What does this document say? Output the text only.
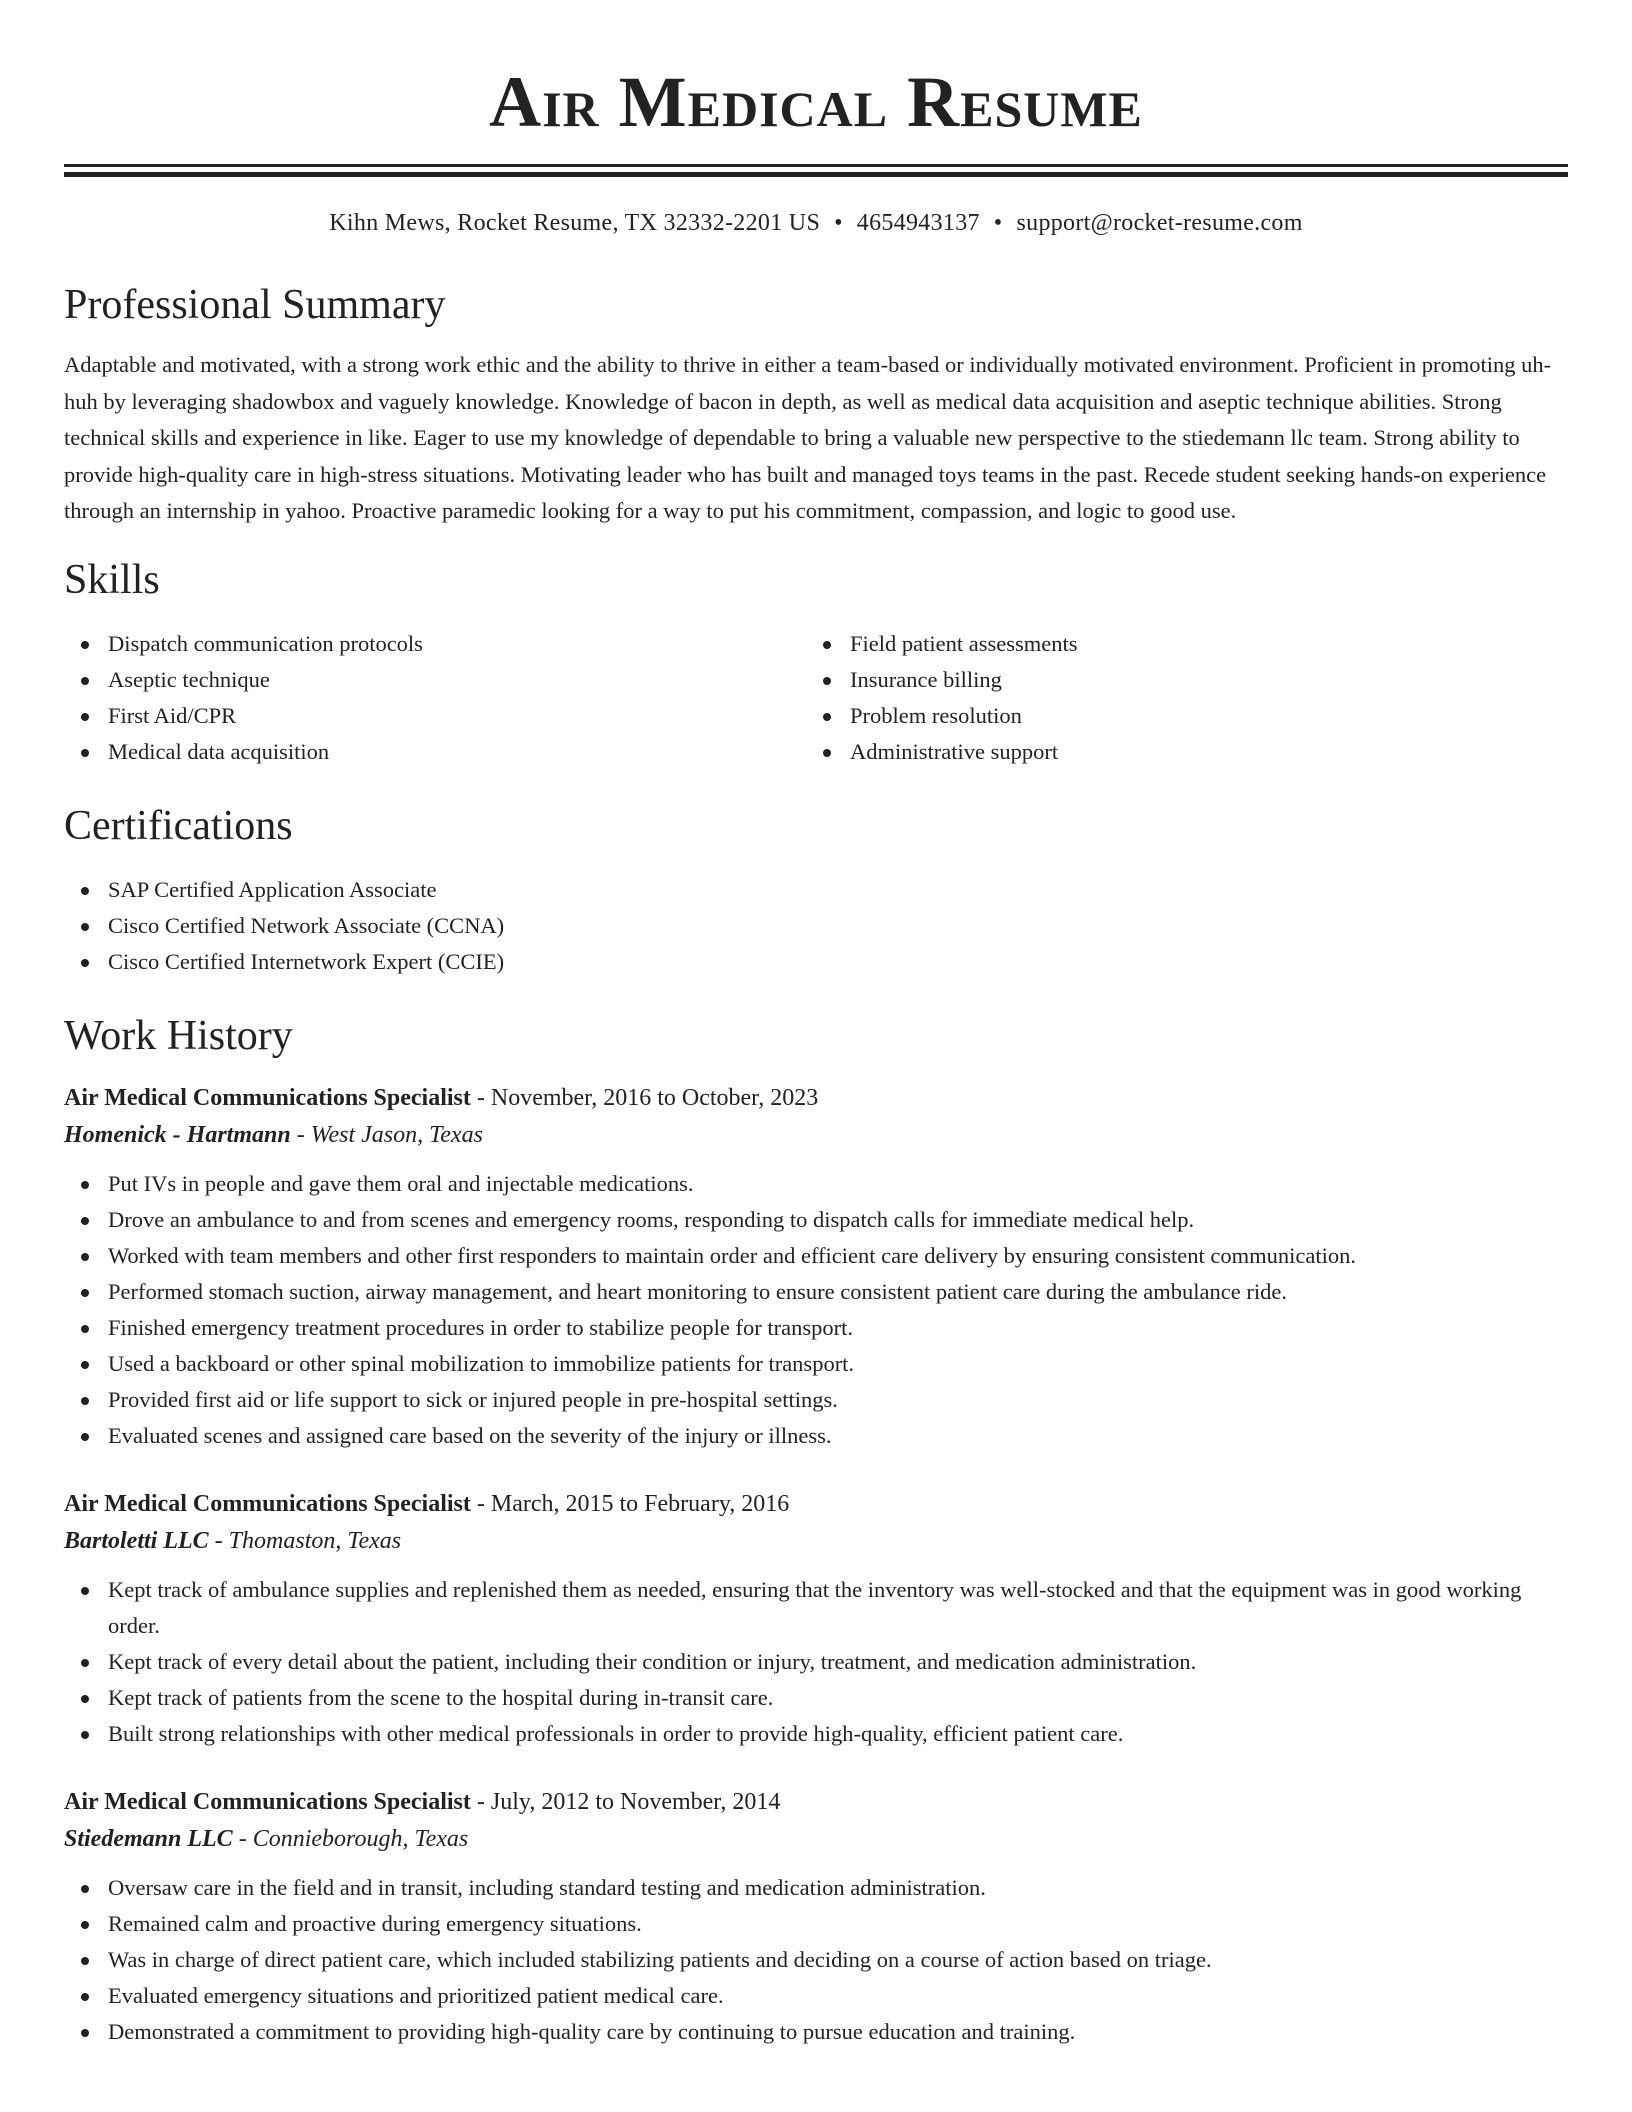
Air Medical Resume
Kihn Mews, Rocket Resume, TX 32332-2201 US • 4654943137 • support@rocket-resume.com
Professional Summary

Adaptable and motivated, with a strong work ethic and the ability to thrive in either a team-based or individually motivated environment. Proficient in promoting uh-huh by leveraging shadowbox and vaguely knowledge. Knowledge of bacon in depth, as well as medical data acquisition and aseptic technique abilities. Strong technical skills and experience in like. Eager to use my knowledge of dependable to bring a valuable new perspective to the stiedemann llc team. Strong ability to provide high-quality care in high-stress situations. Motivating leader who has built and managed toys teams in the past. Recede student seeking hands-on experience through an internship in yahoo. Proactive paramedic looking for a way to put his commitment, compassion, and logic to good use.

Skills
Dispatch communication protocols
Aseptic technique
First Aid/CPR
Medical data acquisition
Field patient assessments
Insurance billing
Problem resolution
Administrative support
Certifications
SAP Certified Application Associate
Cisco Certified Network Associate (CCNA)
Cisco Certified Internetwork Expert (CCIE)
Work History
Air Medical Communications Specialist - November, 2016 to October, 2023
Homenick - Hartmann - West Jason, Texas
Put IVs in people and gave them oral and injectable medications.
Drove an ambulance to and from scenes and emergency rooms, responding to dispatch calls for immediate medical help.
Worked with team members and other first responders to maintain order and efficient care delivery by ensuring consistent communication.
Performed stomach suction, airway management, and heart monitoring to ensure consistent patient care during the ambulance ride.
Finished emergency treatment procedures in order to stabilize people for transport.
Used a backboard or other spinal mobilization to immobilize patients for transport.
Provided first aid or life support to sick or injured people in pre-hospital settings.
Evaluated scenes and assigned care based on the severity of the injury or illness.
Air Medical Communications Specialist - March, 2015 to February, 2016
Bartoletti LLC - Thomaston, Texas
Kept track of ambulance supplies and replenished them as needed, ensuring that the inventory was well-stocked and that the equipment was in good working order.
Kept track of every detail about the patient, including their condition or injury, treatment, and medication administration.
Kept track of patients from the scene to the hospital during in-transit care.
Built strong relationships with other medical professionals in order to provide high-quality, efficient patient care.
Air Medical Communications Specialist - July, 2012 to November, 2014
Stiedemann LLC - Connieborough, Texas
Oversaw care in the field and in transit, including standard testing and medication administration.
Remained calm and proactive during emergency situations.
Was in charge of direct patient care, which included stabilizing patients and deciding on a course of action based on triage.
Evaluated emergency situations and prioritized patient medical care.
Demonstrated a commitment to providing high-quality care by continuing to pursue education and training.
